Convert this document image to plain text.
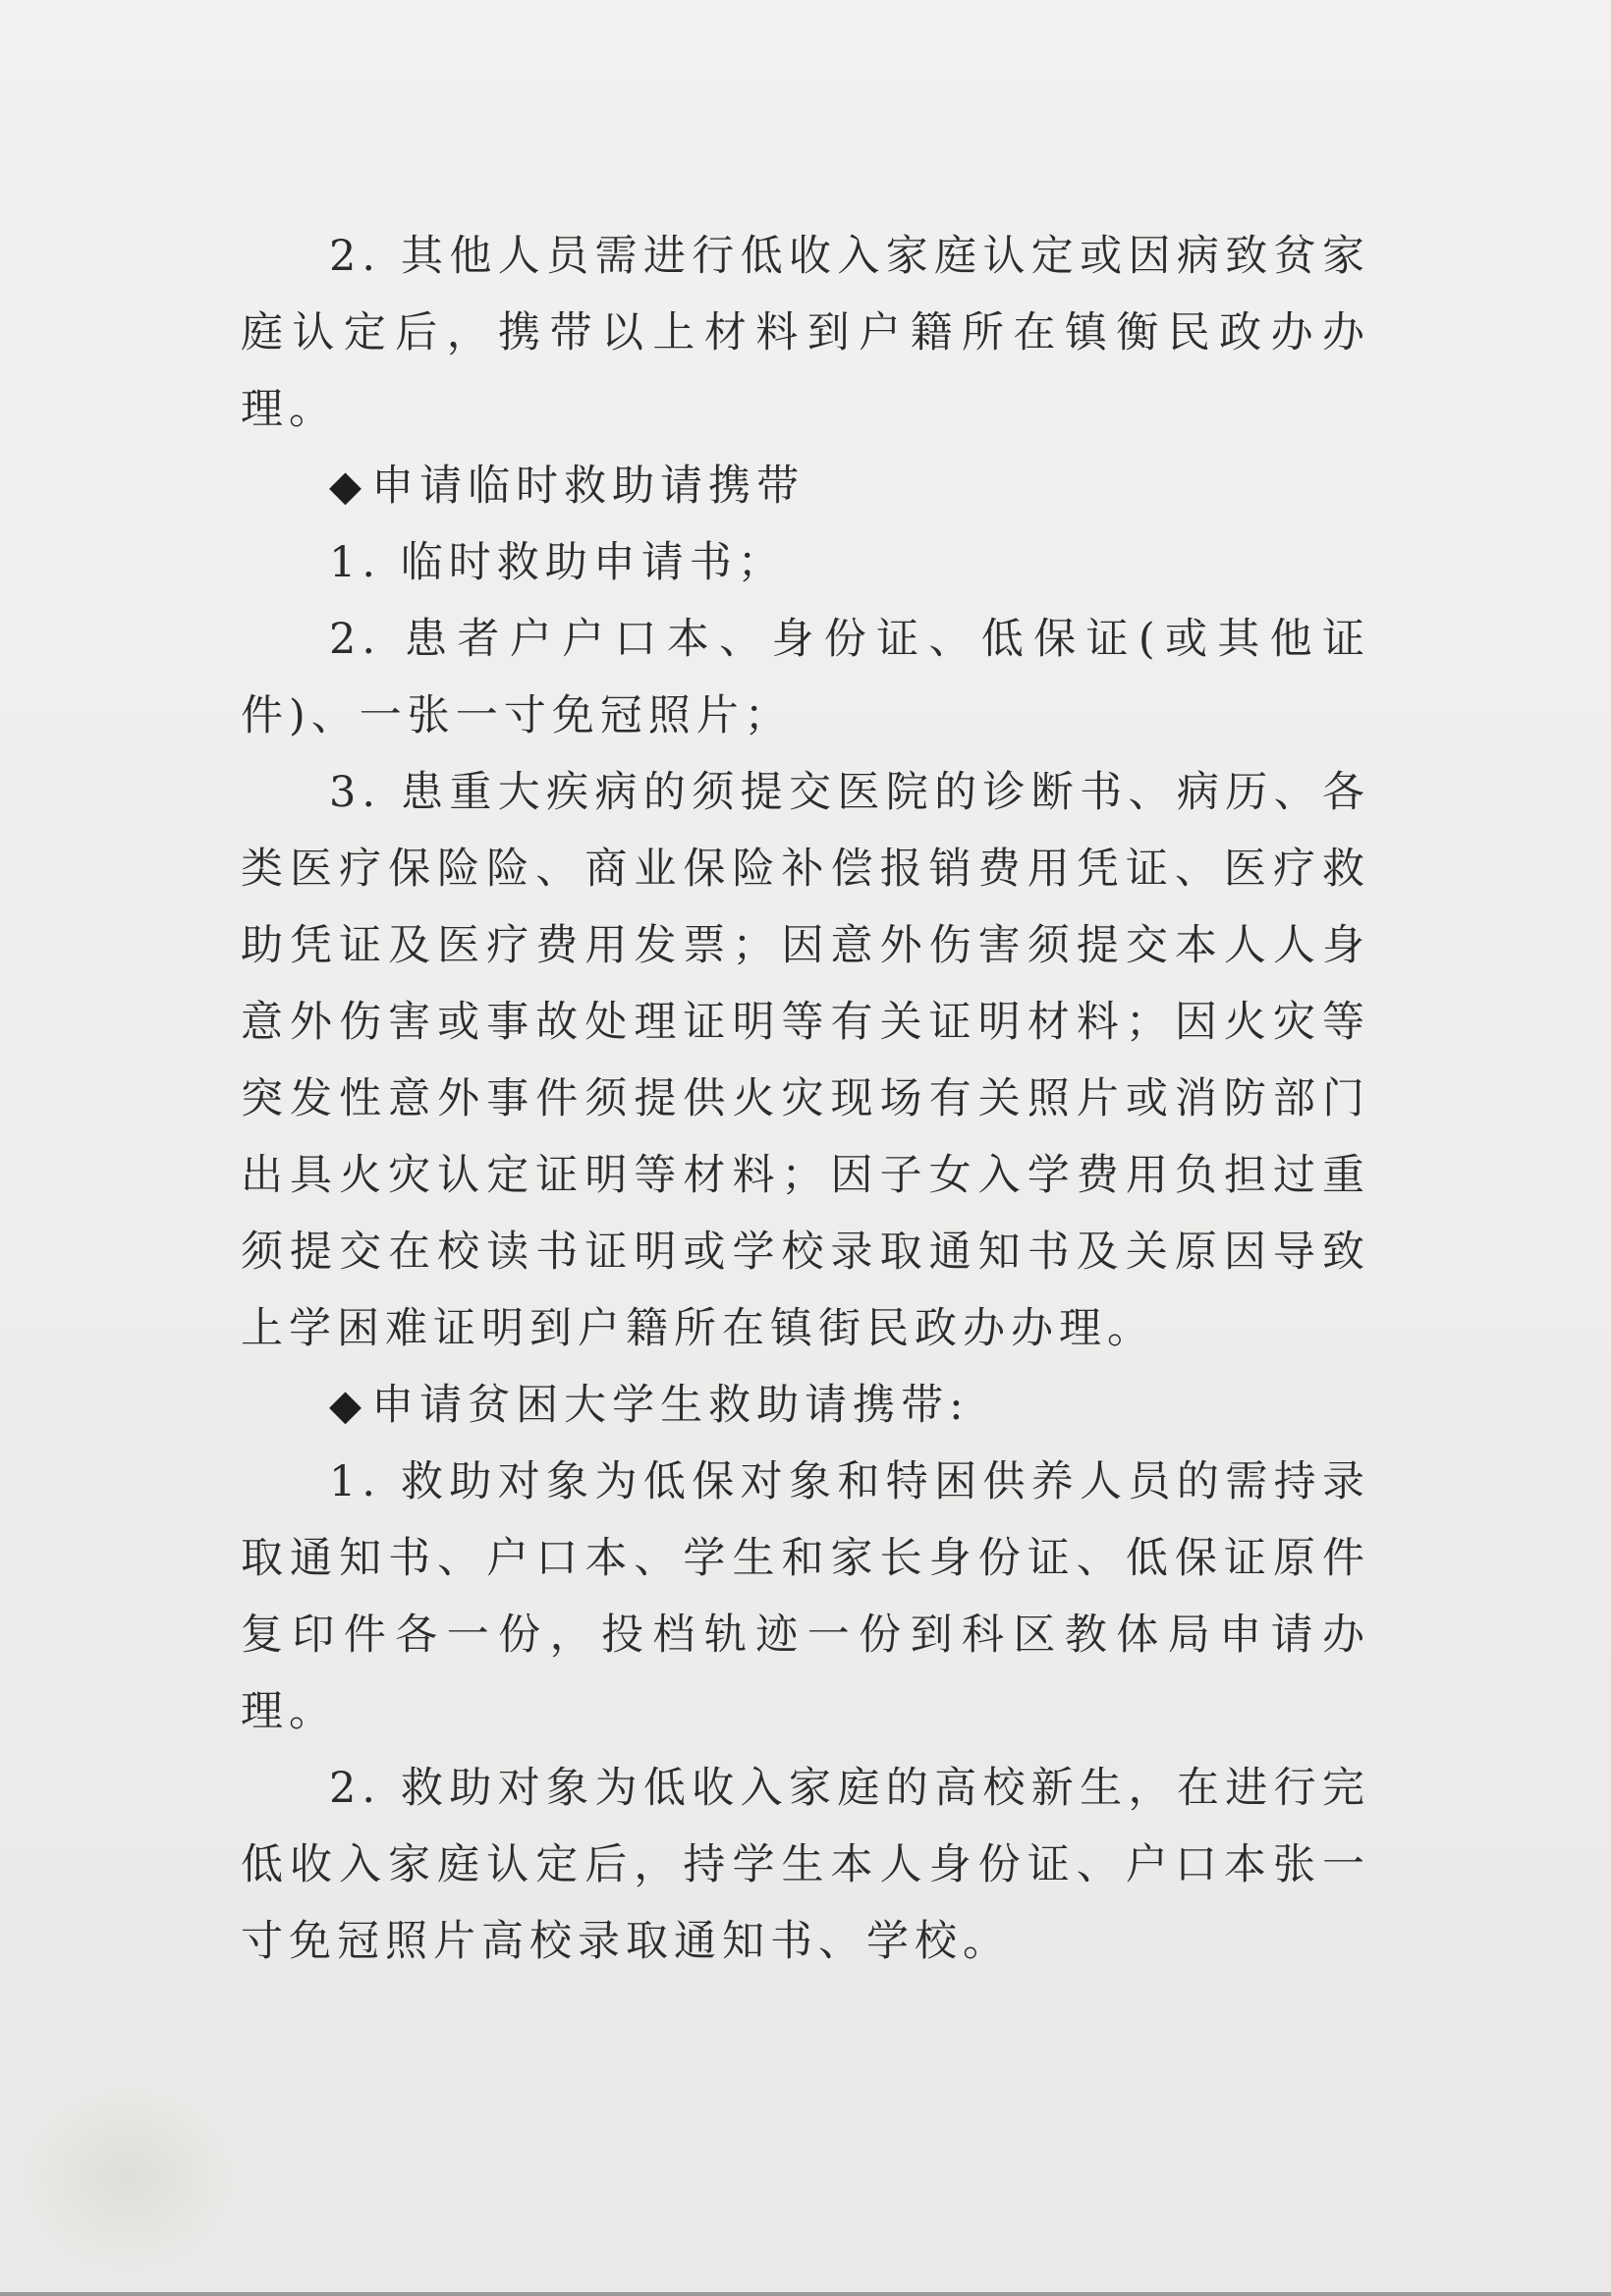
2. 其他人员需进行低收入家庭认定或因病致贫家庭认定后，携带以上材料到户籍所在镇衡民政办办理。

◆申请临时救助请携带

1. 临时救助申请书；

2. 患者户户口本、身份证、低保证(或其他证件)、一张一寸免冠照片；

3. 患重大疾病的须提交医院的诊断书、病历、各类医疗保险险、商业保险补偿报销费用凭证、医疗救助凭证及医疗费用发票；因意外伤害须提交本人人身意外伤害或事故处理证明等有关证明材料；因火灾等突发性意外事件须提供火灾现场有关照片或消防部门出具火灾认定证明等材料；因子女入学费用负担过重须提交在校读书证明或学校录取通知书及关原因导致上学困难证明到户籍所在镇街民政办办理。

◆申请贫困大学生救助请携带:

1. 救助对象为低保对象和特困供养人员的需持录取通知书、户口本、学生和家长身份证、低保证原件复印件各一份，投档轨迹一份到科区教体局申请办理。

2. 救助对象为低收入家庭的高校新生，在进行完低收入家庭认定后，持学生本人身份证、户口本张一寸免冠照片高校录取通知书、学校。
